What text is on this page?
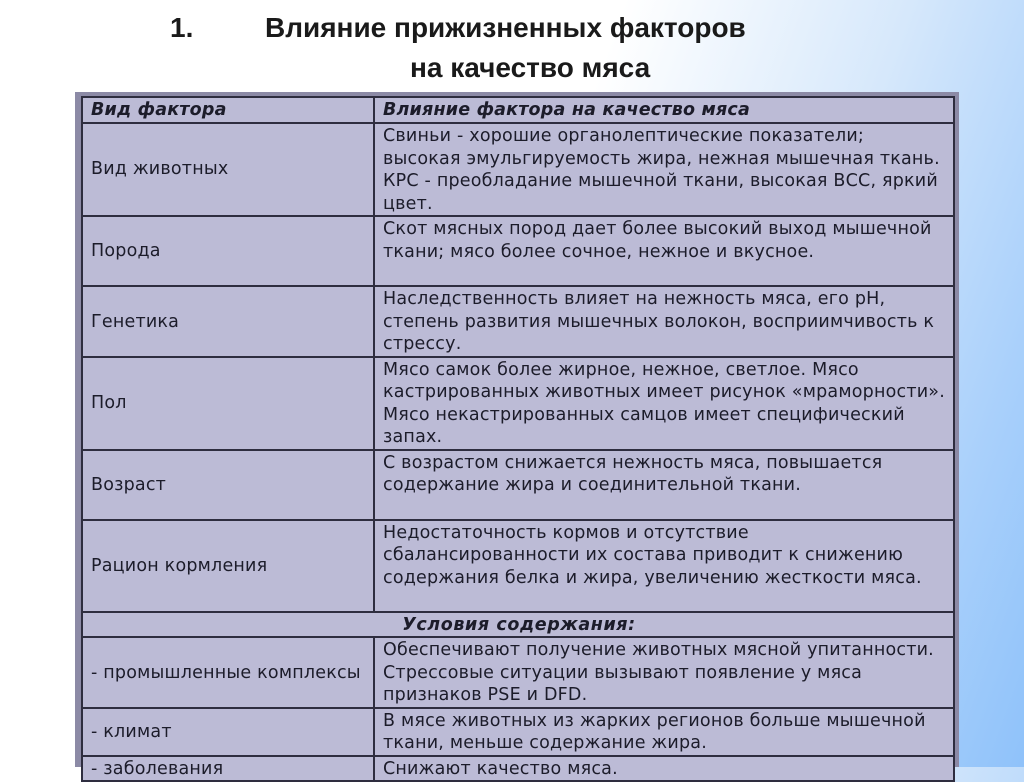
1.	Влияние прижизненных факторов
на качество мяса
Вид фактора	Влияние фактора на качество мяса
Вид животных	Свиньи - хорошие органолептические показатели; высокая эмульгируемость жира, нежная мышечная ткань. КРС - преобладание мышечной ткани, высокая ВСС, яркий цвет.
Порода	Скот мясных пород дает более высокий выход мышечной ткани; мясо более сочное, нежное и вкусное.
Генетика	Наследственность влияет на нежность мяса, его pH, степень развития мышечных волокон, восприимчивость к стрессу.
Пол	Мясо самок более жирное, нежное, светлое. Мясо кастрированных животных имеет рисунок «мраморности». Мясо некастрированных самцов имеет специфический запах.
Возраст	С возрастом снижается нежность мяса, повышается содержание жира и соединительной ткани.
Рацион кормления	Недостаточность кормов и отсутствие сбалансированности их состава приводит к снижению содержания белка и жира, увеличению жесткости мяса.
Условия содержания:	
- промышленные комплексы	Обеспечивают получение животных мясной упитанности. Стрессовые ситуации вызывают появление у мяса признаков PSE и DFD.
- климат	В мясе животных из жарких регионов больше мышечной ткани, меньше содержание жира.
- заболевания	Снижают качество мяса.
